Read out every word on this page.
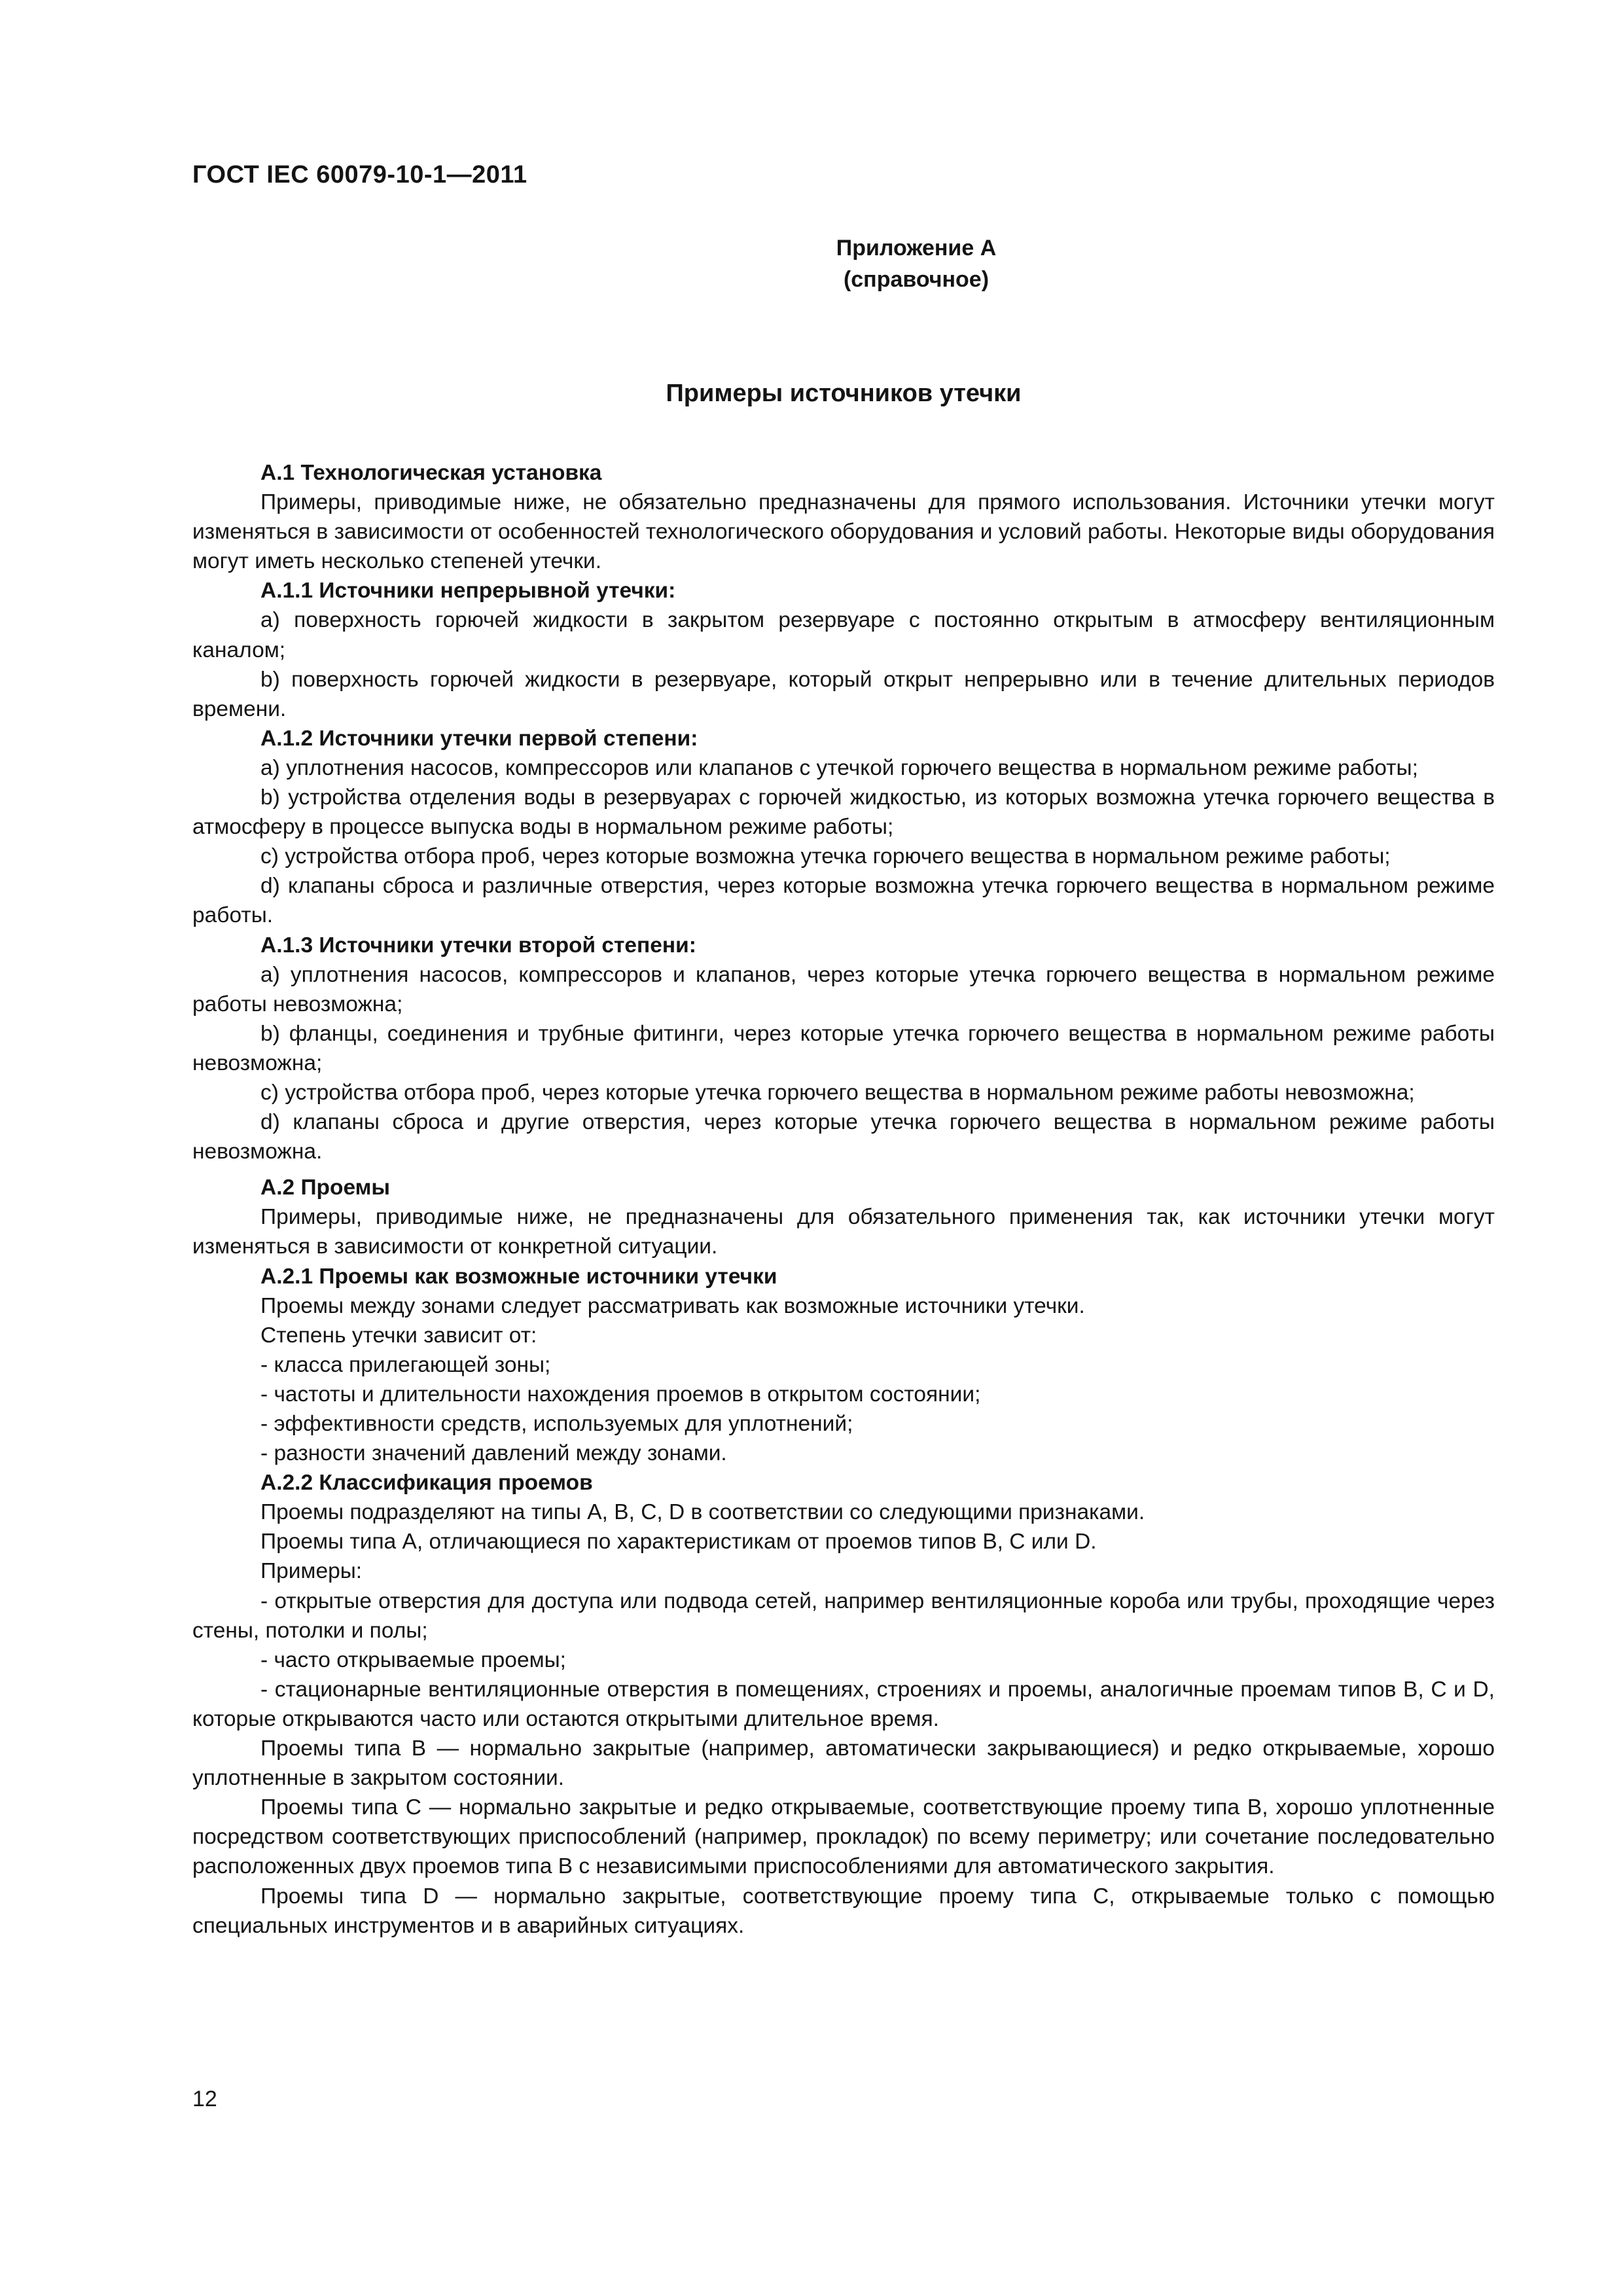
ГОСТ IEC 60079-10-1—2011
Приложение А
(справочное)
Примеры источников утечки

А.1 Технологическая установка

Примеры, приводимые ниже, не обязательно предназначены для прямого использования. Источники утечки могут изменяться в зависимости от особенностей технологического оборудования и условий работы. Некоторые виды оборудования могут иметь несколько степеней утечки.

А.1.1 Источники непрерывной утечки:

а) поверхность горючей жидкости в закрытом резервуаре с постоянно открытым в атмосферу вентиляционным каналом;

b) поверхность горючей жидкости в резервуаре, который открыт непрерывно или в течение длительных периодов времени.

А.1.2 Источники утечки первой степени:

а) уплотнения насосов, компрессоров или клапанов с утечкой горючего вещества в нормальном режиме работы;

b) устройства отделения воды в резервуарах с горючей жидкостью, из которых возможна утечка горючего вещества в атмосферу в процессе выпуска воды в нормальном режиме работы;

с) устройства отбора проб, через которые возможна утечка горючего вещества в нормальном режиме работы;

d) клапаны сброса и различные отверстия, через которые возможна утечка горючего вещества в нормальном режиме работы.

А.1.3 Источники утечки второй степени:

а) уплотнения насосов, компрессоров и клапанов, через которые утечка горючего вещества в нормальном режиме работы невозможна;

b) фланцы, соединения и трубные фитинги, через которые утечка горючего вещества в нормальном режиме работы невозможна;

с) устройства отбора проб, через которые утечка горючего вещества в нормальном режиме работы невозможна;

d) клапаны сброса и другие отверстия, через которые утечка горючего вещества в нормальном режиме работы невозможна.

А.2 Проемы

Примеры, приводимые ниже, не предназначены для обязательного применения так, как источники утечки могут изменяться в зависимости от конкретной ситуации.

А.2.1 Проемы как возможные источники утечки

Проемы между зонами следует рассматривать как возможные источники утечки.

Степень утечки зависит от:

- класса прилегающей зоны;

- частоты и длительности нахождения проемов в открытом состоянии;

- эффективности средств, используемых для уплотнений;

- разности значений давлений между зонами.

А.2.2 Классификация проемов

Проемы подразделяют на типы А, В, С, D в соответствии со следующими признаками.

Проемы типа А, отличающиеся по характеристикам от проемов типов В, С или D.

Примеры:

- открытые отверстия для доступа или подвода сетей, например вентиляционные короба или трубы, проходящие через стены, потолки и полы;

- часто открываемые проемы;

- стационарные вентиляционные отверстия в помещениях, строениях и проемы, аналогичные проемам типов В, С и D, которые открываются часто или остаются открытыми длительное время.

Проемы типа В — нормально закрытые (например, автоматически закрывающиеся) и редко открываемые, хорошо уплотненные в закрытом состоянии.

Проемы типа С — нормально закрытые и редко открываемые, соответствующие проему типа В, хорошо уплотненные посредством соответствующих приспособлений (например, прокладок) по всему периметру; или сочетание последовательно расположенных двух проемов типа В с независимыми приспособлениями для автоматического закрытия.

Проемы типа D — нормально закрытые, соответствующие проему типа С, открываемые только с помощью специальных инструментов и в аварийных ситуациях.

12
